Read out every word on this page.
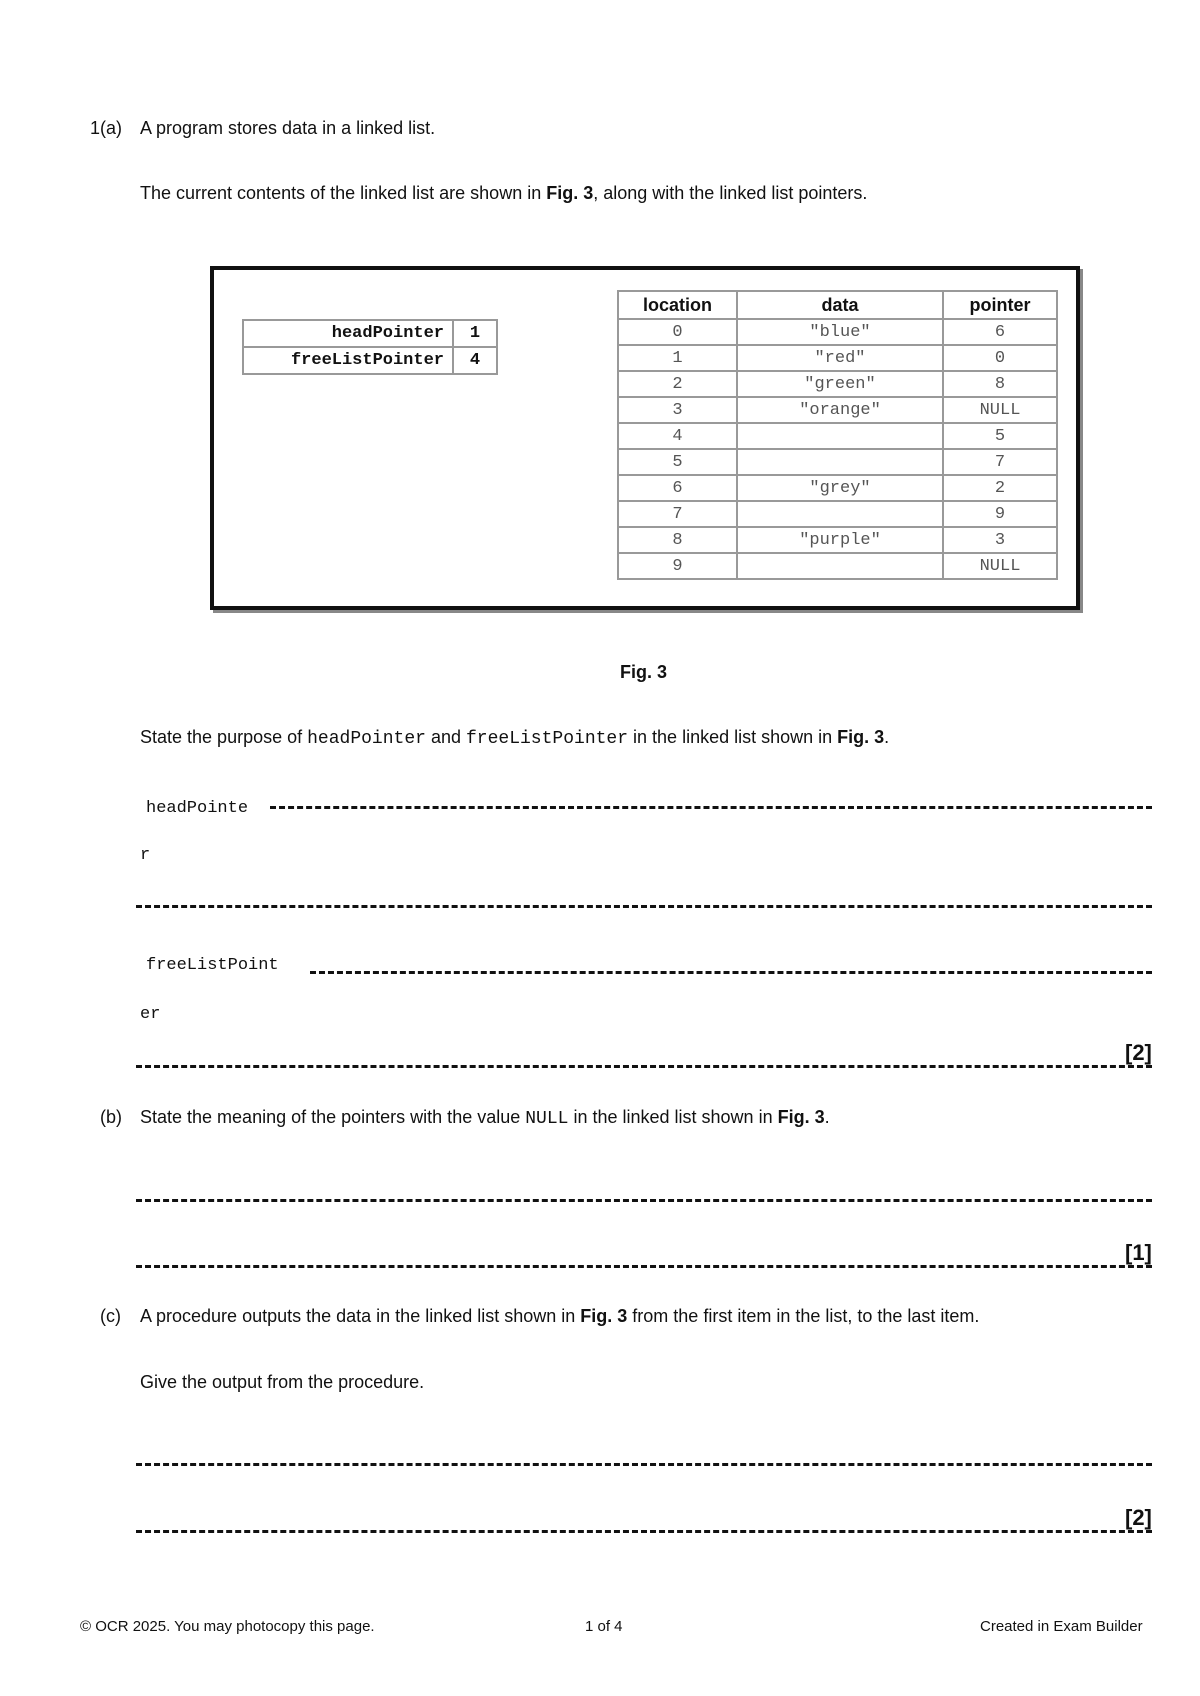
1(a) A program stores data in a linked list.
The current contents of the linked list are shown in Fig. 3, along with the linked list pointers.
headPointer	1
freeListPointer	4
location	data	pointer
0	"blue"	6
1	"red"	0
2	"green"	8
3	"orange"	NULL
4		5
5		7
6	"grey"	2
7		9
8	"purple"	3
9		NULL
Fig. 3
State the purpose of headPointer and freeListPointer in the linked list shown in Fig. 3.
headPointe
r
freeListPoint
er
[2]
(b) State the meaning of the pointers with the value NULL in the linked list shown in Fig. 3.
[1]
(c) A procedure outputs the data in the linked list shown in Fig. 3 from the first item in the list, to the last item.
Give the output from the procedure.
[2]
© OCR 2025. You may photocopy this page.	1 of 4	Created in Exam Builder
